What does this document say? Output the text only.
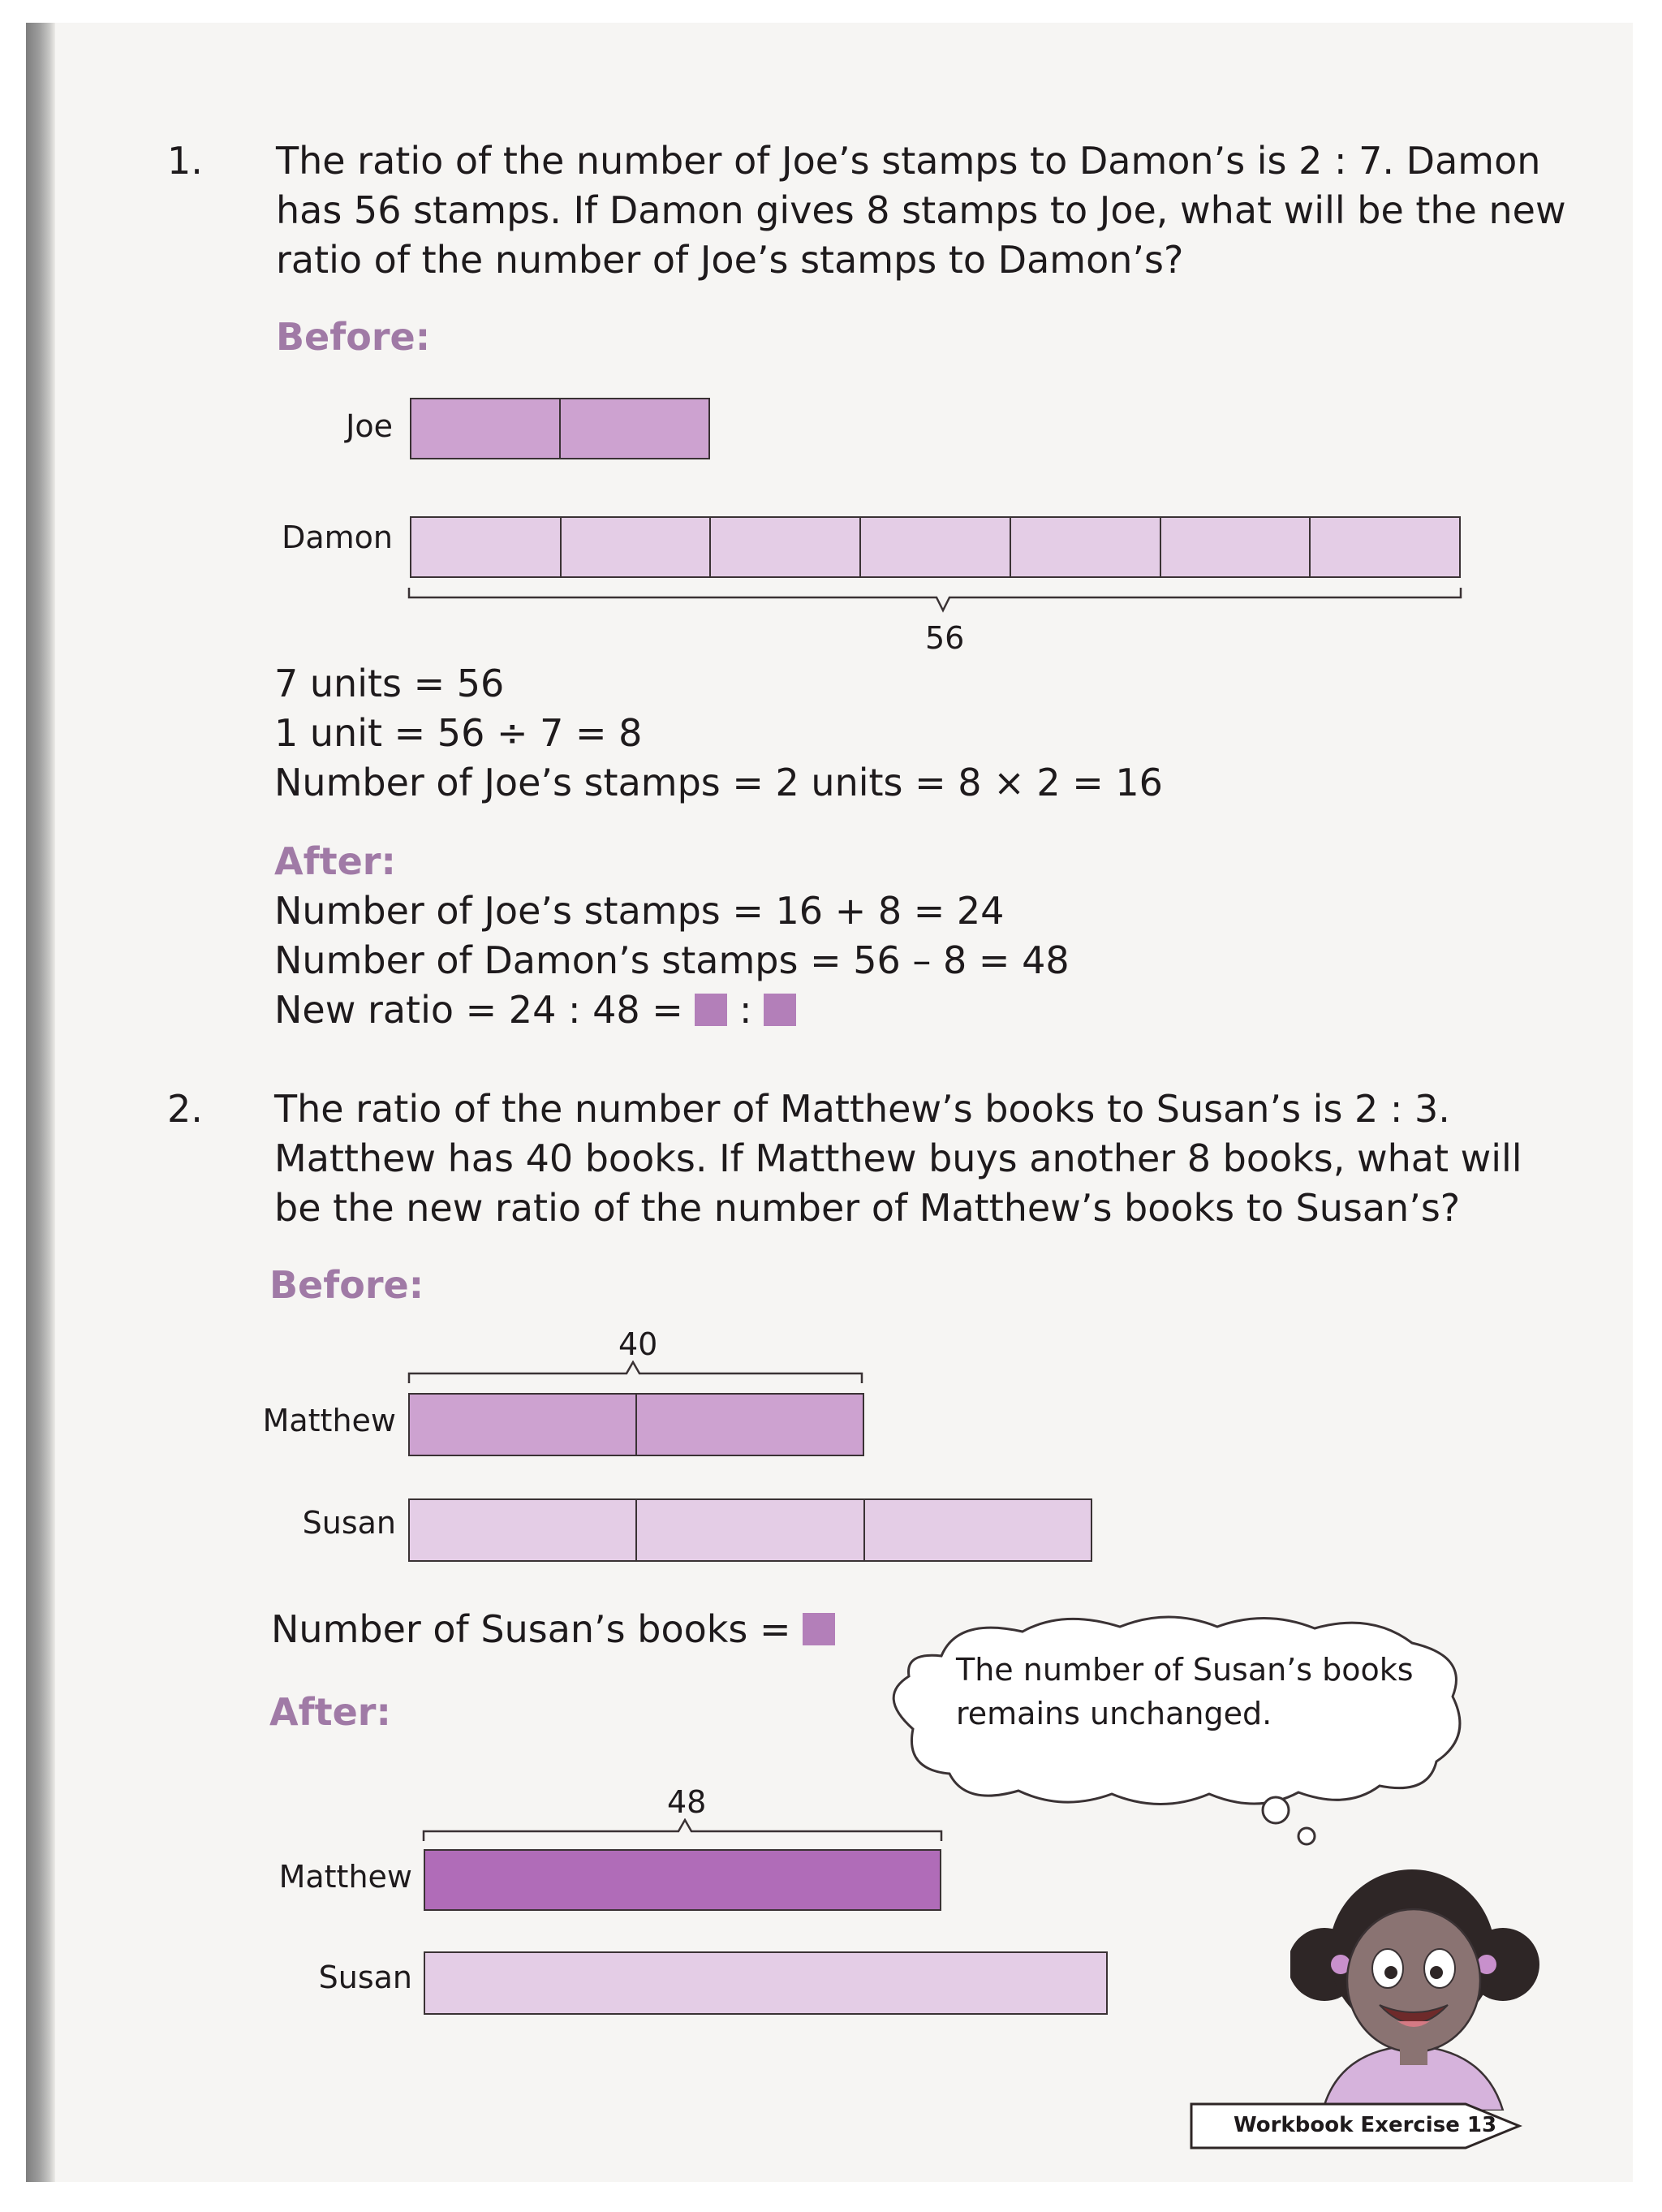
1. The ratio of the number of Joe’s stamps to Damon’s is 2 : 7. Damon
has 56 stamps. If Damon gives 8 stamps to Joe, what will be the new
ratio of the number of Joe’s stamps to Damon’s?
Before:
Joe
Damon
56
7 units = 56
1 unit = 56 ÷ 7 = 8
Number of Joe’s stamps = 2 units = 8 × 2 = 16
After:
Number of Joe’s stamps = 16 + 8 = 24
Number of Damon’s stamps = 56 – 8 = 48
New ratio = 24 : 48 =  :
2. The ratio of the number of Matthew’s books to Susan’s is 2 : 3.
Matthew has 40 books. If Matthew buys another 8 books, what will
be the new ratio of the number of Matthew’s books to Susan’s?
Before:
40
Matthew
Susan
Number of Susan’s books =
After:
48
Matthew
Susan
The number of Susan’s books
remains unchanged.
Workbook Exercise 13
